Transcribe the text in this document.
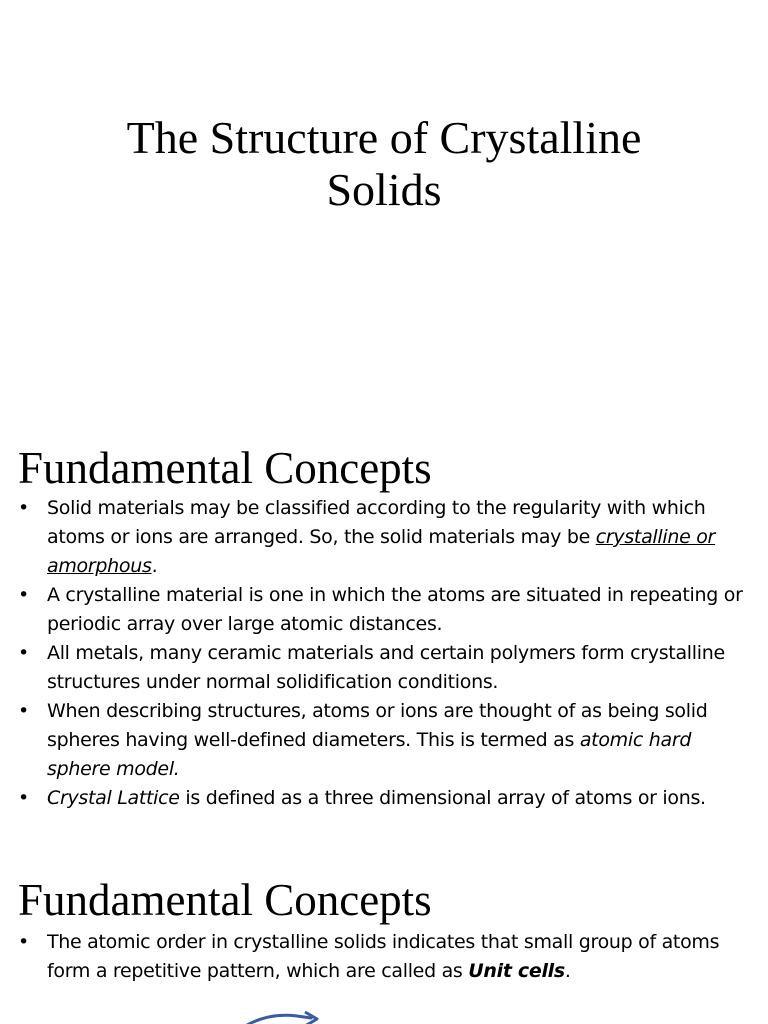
The Structure of Crystalline
Solids
Fundamental Concepts
• Solid materials may be classified according to the regularity with which atoms or ions are arranged. So, the solid materials may be crystalline or amorphous.
• A crystalline material is one in which the atoms are situated in repeating or periodic array over large atomic distances.
• All metals, many ceramic materials and certain polymers form crystalline structures under normal solidification conditions.
• When describing structures, atoms or ions are thought of as being solid spheres having well-defined diameters. This is termed as atomic hard sphere model.
• Crystal Lattice is defined as a three dimensional array of atoms or ions.
Fundamental Concepts
• The atomic order in crystalline solids indicates that small group of atoms form a repetitive pattern, which are called as Unit cells.
